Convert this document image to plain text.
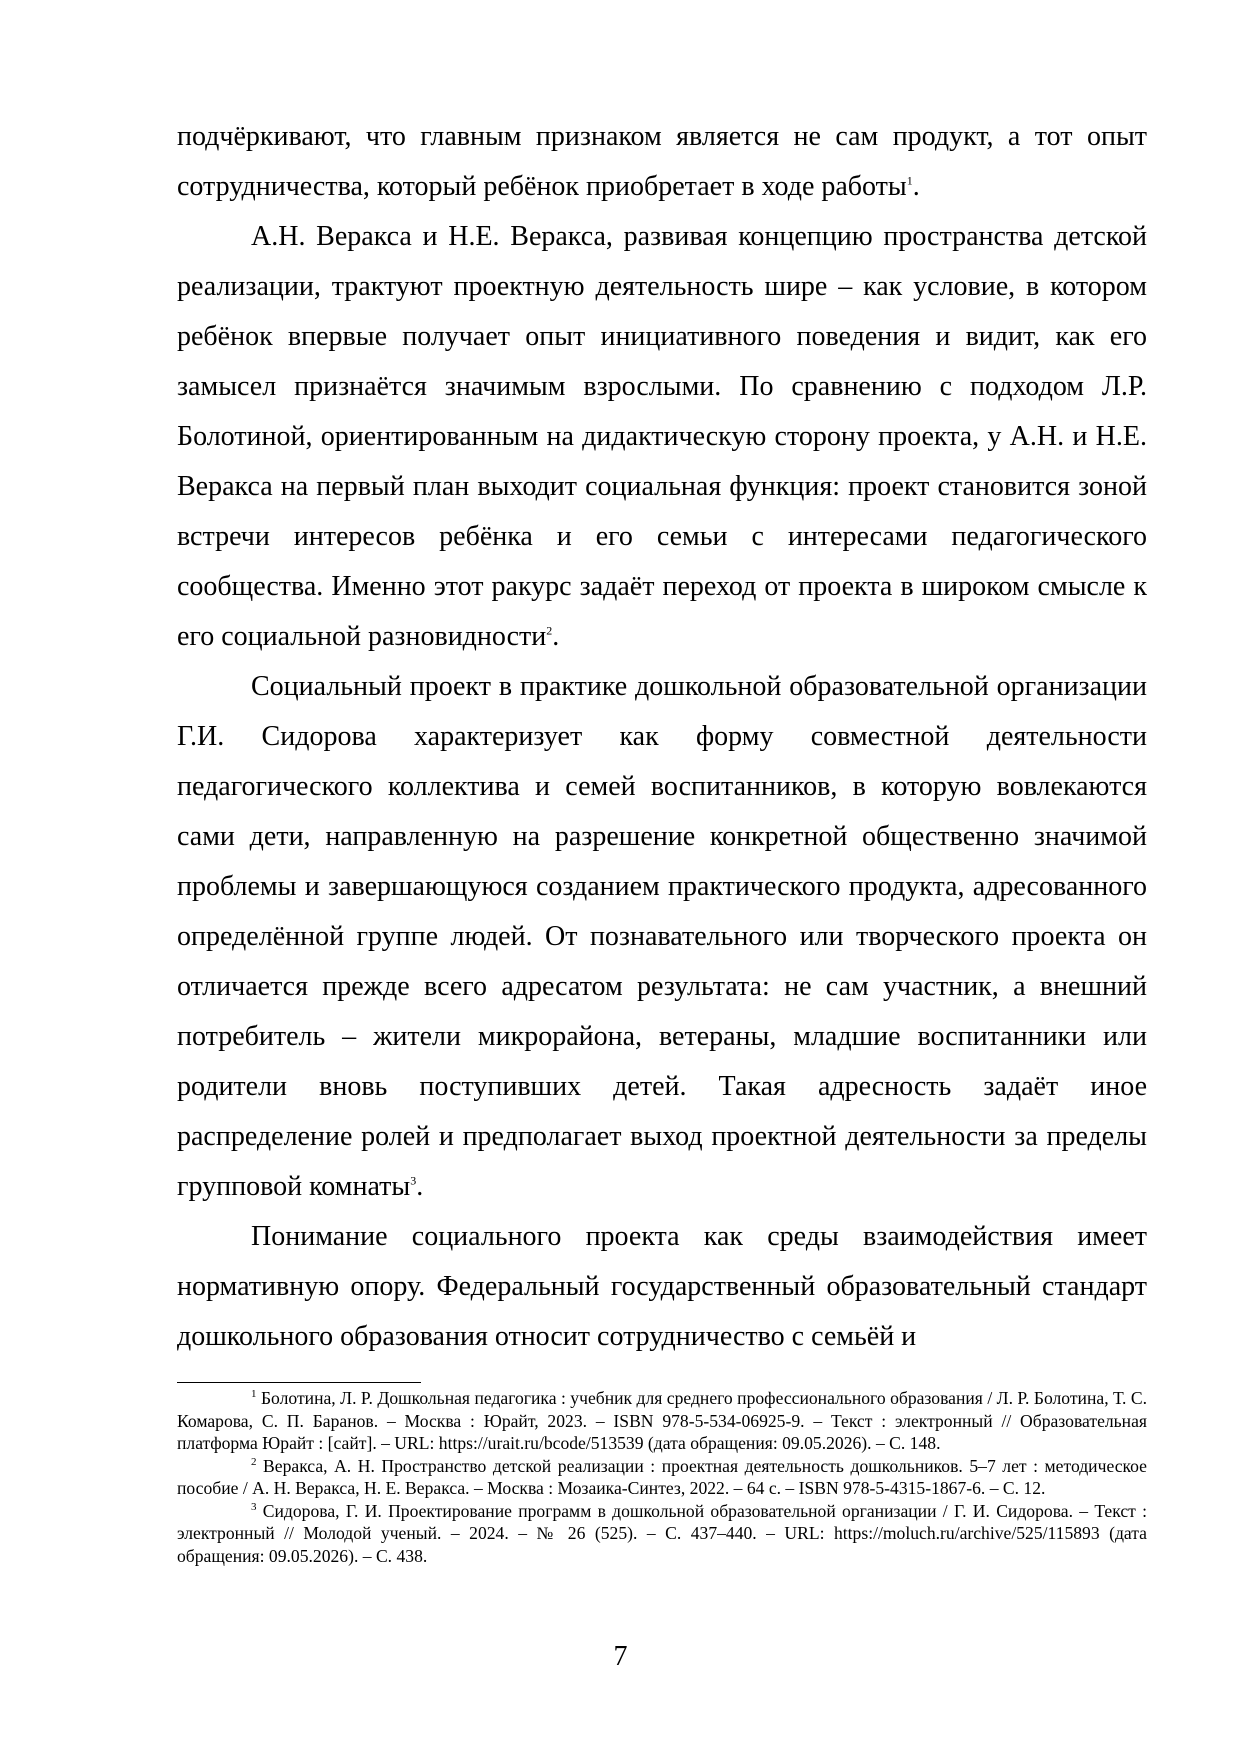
подчёркивают, что главным признаком является не сам продукт, а тот опыт сотрудничества, который ребёнок приобретает в ходе работы$^1$.

А.Н. Веракса и Н.Е. Веракса, развивая концепцию пространства детской реализации, трактуют проектную деятельность шире – как условие, в котором ребёнок впервые получает опыт инициативного поведения и видит, как его замысел признаётся значимым взрослыми. По сравнению с подходом Л.Р. Болотиной, ориентированным на дидактическую сторону проекта, у А.Н. и Н.Е. Веракса на первый план выходит социальная функция: проект становится зоной встречи интересов ребёнка и его семьи с интересами педагогического сообщества. Именно этот ракурс задаёт переход от проекта в широком смысле к его социальной разновидности$^2$.

Социальный проект в практике дошкольной образовательной организации Г.И. Сидорова характеризует как форму совместной деятельности педагогического коллектива и семей воспитанников, в которую вовлекаются сами дети, направленную на разрешение конкретной общественно значимой проблемы и завершающуюся созданием практического продукта, адресованного определённой группе людей. От познавательного или творческого проекта он отличается прежде всего адресатом результата: не сам участник, а внешний потребитель – жители микрорайона, ветераны, младшие воспитанники или родители вновь поступивших детей. Такая адресность задаёт иное распределение ролей и предполагает выход проектной деятельности за пределы групповой комнаты$^3$.

Понимание социального проекта как среды взаимодействия имеет нормативную опору. Федеральный государственный образовательный стандарт дошкольного образования относит сотрудничество с семьёй и

$^1$ Болотина, Л. Р. Дошкольная педагогика : учебник для среднего профессионального образования / Л. Р. Болотина, Т. С. Комарова, С. П. Баранов. – Москва : Юрайт, 2023. – ISBN 978-5-534-06925-9. – Текст : электронный // Образовательная платформа Юрайт : [сайт]. – URL: https://urait.ru/bcode/513539 (дата обращения: 09.05.2026). – С. 148.

$^2$ Веракса, А. Н. Пространство детской реализации : проектная деятельность дошкольников. 5–7 лет : методическое пособие / А. Н. Веракса, Н. Е. Веракса. – Москва : Мозаика-Синтез, 2022. – 64 с. – ISBN 978-5-4315-1867-6. – С. 12.

$^3$ Сидорова, Г. И. Проектирование программ в дошкольной образовательной организации / Г. И. Сидорова. – Текст : электронный // Молодой ученый. – 2024. – № 26 (525). – С. 437–440. – URL: https://moluch.ru/archive/525/115893 (дата обращения: 09.05.2026). – С. 438.

7
